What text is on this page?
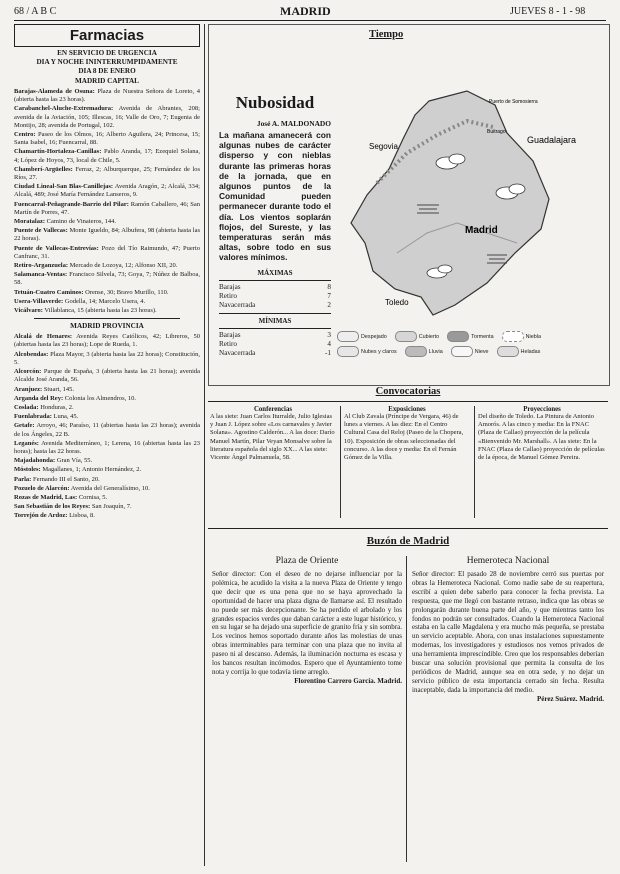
68 / A B C	MADRID	JUEVES 8 - 1 - 98
Farmacias
EN SERVICIO DE URGENCIA
DIA Y NOCHE ININTERRUMPIDAMENTE
DIA 8 DE ENERO
MADRID CAPITAL

Barajas-Alameda de Osuna: Plaza de Nuestra Señora de Loreto, 4 (abierta hasta las 23 horas).

Carabanchel-Aluche-Extremadura: Avenida de Abrantes, 208; avenida de la Aviación, 105; Illescas, 16; Valle de Oro, 7; Eugenia de Montijo, 28; avenida de Portugal, 102.

Centro: Paseo de los Olmos, 16; Alberto Aguilera, 24; Princesa, 15; Santa Isabel, 16; Fuencarral, 88.

Chamartín-Hortaleza-Canillas: Pablo Aranda, 17; Ezequiel Solana, 4; López de Hoyos, 73, local de Chile, 5.

Chamberí-Argüelles: Ferraz, 2; Alburquerque, 25; Fernández de los Ríos, 27.

Ciudad Lineal-San Blas-Canillejas: Avenida Aragón, 2; Alcalá, 334; Alcalá, 489; José María Fernández Lanseros, 9.

Fuencarral-Peñagrande-Barrio del Pilar: Ramón Caballero, 46; San Martín de Porres, 47.

Moratalaz: Camino de Vinateros, 144.

Puente de Vallecas: Monte Igueldo, 84; Albufera, 98 (abierta hasta las 22 horas).

Puente de Vallecas-Entrevías: Pozo del Tío Raimundo, 47; Puerto Canfranc, 31.

Retiro-Arganzuela: Mercado de Lozoya, 12; Alfonso XII, 20.

Salamanca-Ventas: Francisco Silvela, 73; Goya, 7; Núñez de Balboa, 58.

Tetuán-Cuatro Caminos: Orense, 30; Bravo Murillo, 110.

Usera-Villaverde: Godella, 14; Marcelo Usera, 4.

Vicálvaro: Villablanca, 15 (abierta hasta las 23 horas).

MADRID PROVINCIA

Alcalá de Henares: Avenida Reyes Católicos, 42; Libreros, 50 (abiertas hasta las 23 horas); Lope de Rueda, 1.

Alcobendas: Plaza Mayor, 3 (abierta hasta las 22 horas); Constitución, 5.

Alcorcón: Parque de España, 3 (abierta hasta las 21 horas); avenida Alcalde José Aranda, 56.

Aranjuez: Stuart, 145.

Arganda del Rey: Colonia los Almendros, 10.

Coslada: Honduras, 2.

Fuenlabrada: Luna, 45.

Getafe: Arroyo, 46; Paraíso, 11 (abiertas hasta las 23 horas); avenida de los Ángeles, 22 B.

Leganés: Avenida Mediterráneo, 1; Lerena, 16 (abiertas hasta las 23 horas); hasta las 22 horas.

Majadahonda: Gran Vía, 55.

Móstoles: Magallanes, 1; Antonio Hernández, 2.

Parla: Fernando III el Santo, 20.

Pozuelo de Alarcón: Avenida del Generalísimo, 10.

Rozas de Madrid, Las: Cornisa, 5.

San Sebastián de los Reyes: San Joaquín, 7.

Torrejón de Ardoz: Lisboa, 8.

Tiempo
Nubosidad
José A. MALDONADO
La mañana amanecerá con algunas nubes de carácter disperso y con nieblas durante las primeras horas de la jornada, que en algunos puntos de la Comunidad pueden permanecer durante todo el día. Los vientos soplarán flojos, del Sureste, y las temperaturas serán más altas, sobre todo en sus valores mínimos.
MÁXIMAS
Barajas	8
Retiro	7
Navacerrada	2
MÍNIMAS
Barajas	3
Retiro	4
Navacerrada	-1
Segovia
Guadalajara
Madrid
Toledo
Puerto de Somosierra
Buitrago
Despejado	Cubierto	Tormenta	Niebla
Nubes y claros	Lluvia	Nieve	Heladas
Convocatorias
Conferencias
A las siete: Juan Carlos Iturralde, Julio Iglesias y Juan J. López sobre «Los carnavales y Javier Solana». Agostino Calderón... A las doce: Darío Manuel Martín, Pilar Veyan Monsalve sobre la literatura española del siglo XX... A las siete: Vicente Ángel Palmanuela, 58.
Exposiciones
Al Club Zavala (Príncipe de Vergara, 46) de lunes a viernes. A las diez: En el Centro Cultural Casa del Reloj (Paseo de la Chopera, 10). Exposición de obras seleccionadas del concurso. A las doce y media: En el Fernán Gómez de la Villa.
Proyecciones
Del diseño de Toledo. La Pintura de Antonio Amorós. A las cinco y media: En la FNAC (Plaza de Callao) proyección de la película «Bienvenido Mr. Marshall». A las siete: En la FNAC (Plaza de Callao) proyección de películas de la época, de Manuel Gómez Pereira.
Buzón de Madrid
Plaza de Oriente
Señor director: Con el deseo de no dejarse influenciar por la polémica, he acudido la visita a la nueva Plaza de Oriente y tengo que decir que es una pena que no se haya aprovechado la oportunidad de hacer una plaza digna de llamarse así. El resultado no puede ser más decepcionante. Se ha perdido el arbolado y los grandes espacios verdes que daban carácter a este lugar histórico, y en su lugar se ha dejado una superficie de granito fría y sin sombra. Los vecinos hemos soportado durante años las molestias de unas obras interminables para terminar con una plaza que no invita al paseo ni al descanso. Además, la iluminación nocturna es escasa y los bancos resultan incómodos. Espero que el Ayuntamiento tome nota y corrija lo que todavía tiene arreglo.
Florentino Carrero García. Madrid.
Hemeroteca Nacional
Señor director: El pasado 28 de noviembre cerró sus puertas por obras la Hemeroteca Nacional. Como nadie sabe de su reapertura, escribí a quien debe saberlo para conocer la fecha prevista. La respuesta, que me llegó con bastante retraso, indica que las obras se prolongarán durante buena parte del año, y que mientras tanto los fondos no podrán ser consultados. Cuando la Hemeroteca Nacional estaba en la calle Magdalena y era mucho más pequeña, se prestaba un servicio aceptable. Ahora, con unas instalaciones supuestamente modernas, los investigadores y estudiosos nos vemos privados de una herramienta imprescindible. Creo que los responsables deberían buscar una solución provisional que permita la consulta de los periódicos de Madrid, aunque sea en otra sede, y no dejar un servicio público de esta importancia cerrado sin fecha. Resulta inaceptable, dada la importancia del medio.
Pérez Suárez. Madrid.
